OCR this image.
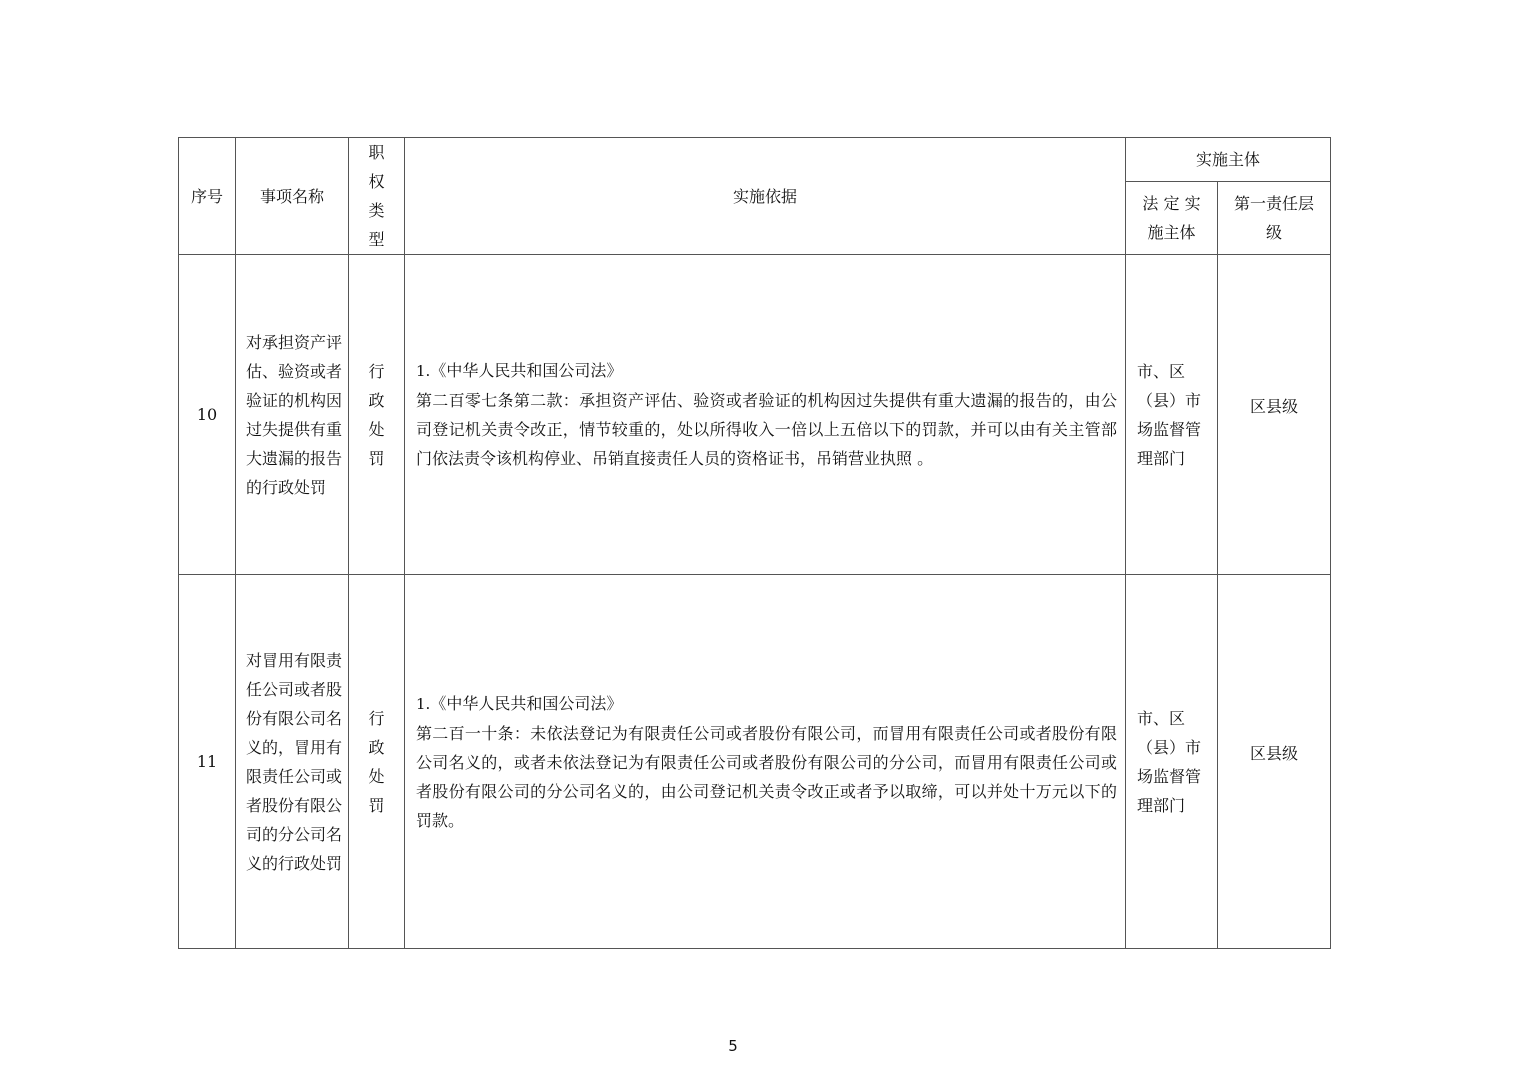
序号	事项名称	职权类型	实施依据	实施主体	
				法 定 实施主体	第一责任层级
10	对承担资产评估、验资或者验证的机构因过失提供有重大遗漏的报告的行政处罚	行政处罚	1.《中华人民共和国公司法》
第二百零七条第二款：承担资产评估、验资或者验证的机构因过失提供有重大遗漏的报告的，由公司登记机关责令改正，情节较重的，处以所得收入一倍以上五倍以下的罚款，并可以由有关主管部门依法责令该机构停业、吊销直接责任人员的资格证书，吊销营业执照 。	市、区（县）市场监督管理部门	区县级

11	对冒用有限责任公司或者股份有限公司名义的，冒用有限责任公司或者股份有限公司的分公司名义的行政处罚	行政处罚	1.《中华人民共和国公司法》
第二百一十条：未依法登记为有限责任公司或者股份有限公司，而冒用有限责任公司或者股份有限公司名义的，或者未依法登记为有限责任公司或者股份有限公司的分公司，而冒用有限责任公司或者股份有限公司的分公司名义的，由公司登记机关责令改正或者予以取缔，可以并处十万元以下的罚款。	市、区（县）市场监督管理部门	区县级
5
